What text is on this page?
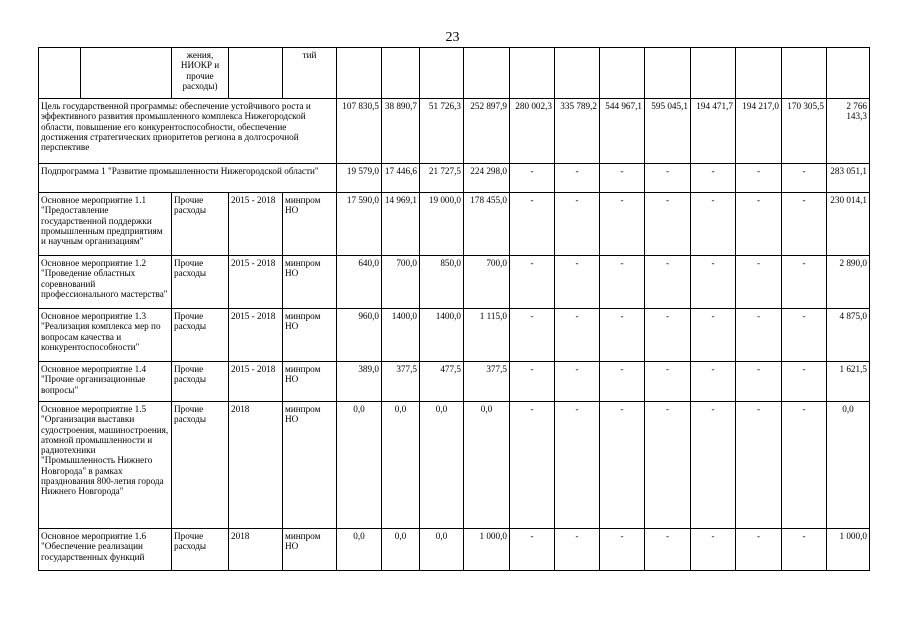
23
		жения, НИОКР и прочие расходы)		тий												
Цель государственной программы: обеспечение устойчивого роста и эффективного развития промышленного комплекса Нижегородской области, повышение его конкурентоспособности, обеспечение достижения стратегических приоритетов региона в долгосрочной перспективе					107 830,5	38 890,7	51 726,3	252 897,9	280 002,3	335 789,2	544 967,1	595 045,1	194 471,7	194 217,0	170 305,5	2 766 143,3
Подпрограмма 1 "Развитие промышленности Нижегородской области"					19 579,0	17 446,6	21 727,5	224 298,0	-	-	-	-	-	-	-	283 051,1
Основное мероприятие 1.1 "Предоставление государственной поддержки промышленным предприятиям и научным организациям"		Прочие расходы	2015 - 2018	минпром НО	17 590,0	14 969,1	19 000,0	178 455,0	-	-	-	-	-	-	-	230 014,1
Основное мероприятие 1.2 "Проведение областных соревнований профессионального мастерства"		Прочие расходы	2015 - 2018	минпром НО	640,0	700,0	850,0	700,0	-	-	-	-	-	-	-	2 890,0
Основное мероприятие 1.3 "Реализация комплекса мер по вопросам качества и конкурентоспособности"		Прочие расходы	2015 - 2018	минпром НО	960,0	1400,0	1400,0	1 115,0	-	-	-	-	-	-	-	4 875,0
Основное мероприятие 1.4 "Прочие организационные вопросы"		Прочие расходы	2015 - 2018	минпром НО	389,0	377,5	477,5	377,5	-	-	-	-	-	-	-	1 621,5
Основное мероприятие 1.5 "Организация выставки судостроения, машиностроения, атомной промышленности и радиотехники "Промышленность Нижнего Новгорода" в рамках празднования 800-летия города Нижнего Новгорода"		Прочие расходы	2018	минпром НО	0,0	0,0	0,0	0,0	-	-	-	-	-	-	-	0,0
Основное мероприятие 1.6 "Обеспечение реализации государственных функций		Прочие расходы	2018	минпром НО	0,0	0,0	0,0	1 000,0	-	-	-	-	-	-	-	1 000,0
